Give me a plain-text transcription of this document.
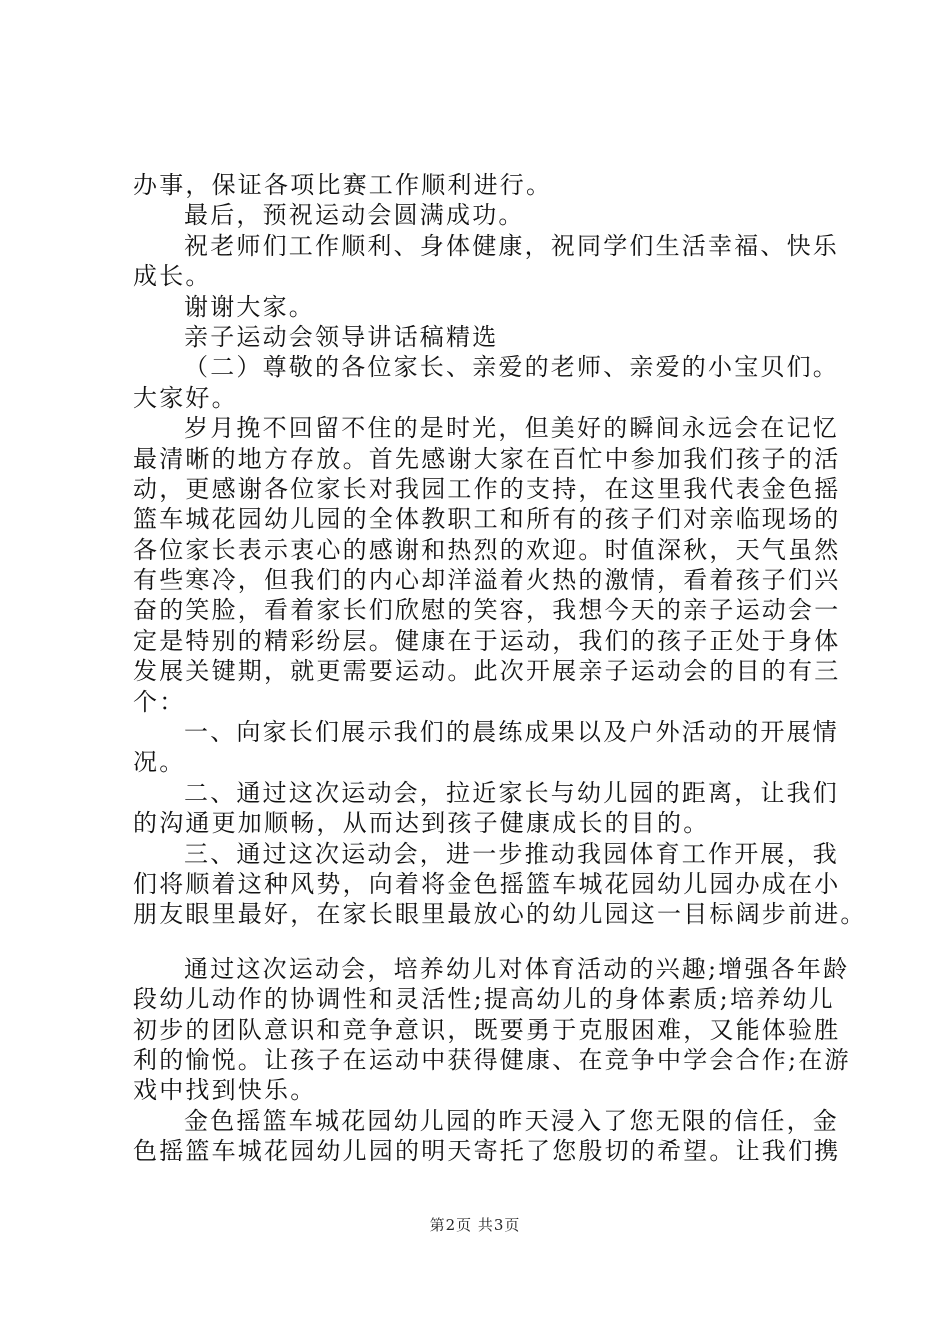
办事，保证各项比赛工作顺利进行。
最后，预祝运动会圆满成功。
祝老师们工作顺利、身体健康，祝同学们生活幸福、快乐
成长。
谢谢大家。
亲子运动会领导讲话稿精选
（二）尊敬的各位家长、亲爱的老师、亲爱的小宝贝们。
大家好。
岁月挽不回留不住的是时光，但美好的瞬间永远会在记忆
最清晰的地方存放。首先感谢大家在百忙中参加我们孩子的活
动，更感谢各位家长对我园工作的支持，在这里我代表金色摇
篮车城花园幼儿园的全体教职工和所有的孩子们对亲临现场的
各位家长表示衷心的感谢和热烈的欢迎。时值深秋，天气虽然
有些寒冷，但我们的内心却洋溢着火热的激情，看着孩子们兴
奋的笑脸，看着家长们欣慰的笑容，我想今天的亲子运动会一
定是特别的精彩纷层。健康在于运动，我们的孩子正处于身体
发展关键期，就更需要运动。此次开展亲子运动会的目的有三
个：
一、向家长们展示我们的晨练成果以及户外活动的开展情
况。
二、通过这次运动会，拉近家长与幼儿园的距离，让我们
的沟通更加顺畅，从而达到孩子健康成长的目的。
三、通过这次运动会，进一步推动我园体育工作开展，我
们将顺着这种风势，向着将金色摇篮车城花园幼儿园办成在小
朋友眼里最好，在家长眼里最放心的幼儿园这一目标阔步前进。
通过这次运动会，培养幼儿对体育活动的兴趣;增强各年龄
段幼儿动作的协调性和灵活性;提高幼儿的身体素质;培养幼儿
初步的团队意识和竞争意识，既要勇于克服困难，又能体验胜
利的愉悦。让孩子在运动中获得健康、在竞争中学会合作;在游
戏中找到快乐。
金色摇篮车城花园幼儿园的昨天浸入了您无限的信任，金
色摇篮车城花园幼儿园的明天寄托了您殷切的希望。让我们携
第2页 共3页
